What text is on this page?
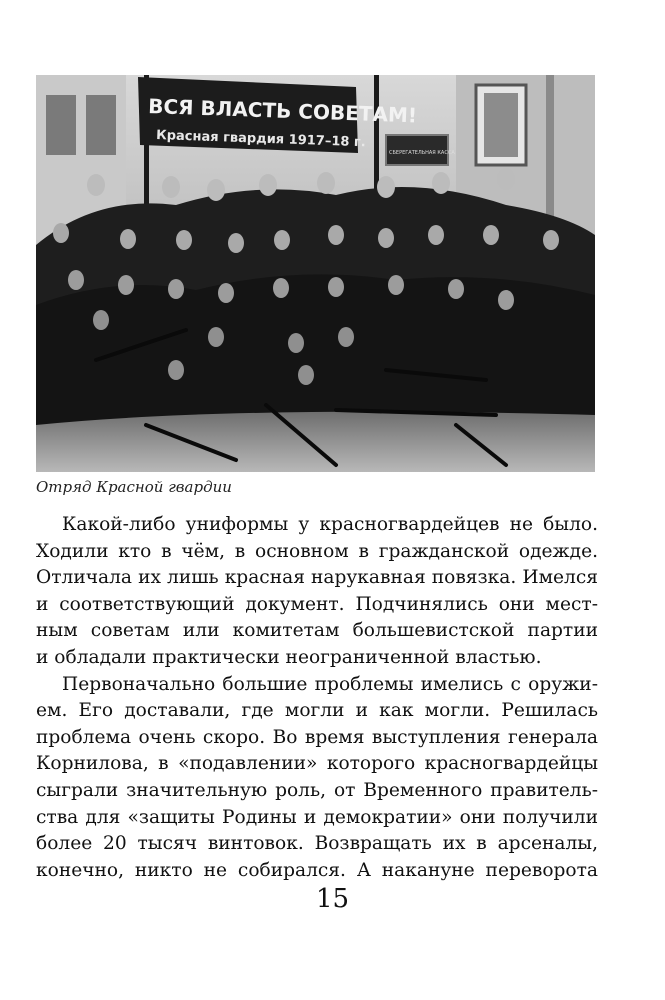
ВСЯ ВЛАСТЬ СОВЕТАМ!
Красная гвардия 1917–18 г.
СБЕРЕГАТЕЛЬНАЯ КАССА
Отряд Красной гвардии
Какой-либо униформы у красногвардейцев не было.
Ходили кто в чём, в основном в гражданской одежде.
Отличала их лишь красная нарукавная повязка. Имелся
и соответствующий документ. Подчинялись они мест-
ным советам или комитетам большевистской партии
и обладали практически неограниченной властью.
Первоначально большие проблемы имелись с оружи-
ем. Его доставали, где могли и как могли. Решилась
проблема очень скоро. Во время выступления генерала
Корнилова, в «подавлении» которого красногвардейцы
сыграли значительную роль, от Временного правитель-
ства для «защиты Родины и демократии» они получили
более 20 тысяч винтовок. Возвращать их в арсеналы,
конечно, никто не собирался. А накануне переворота
15
